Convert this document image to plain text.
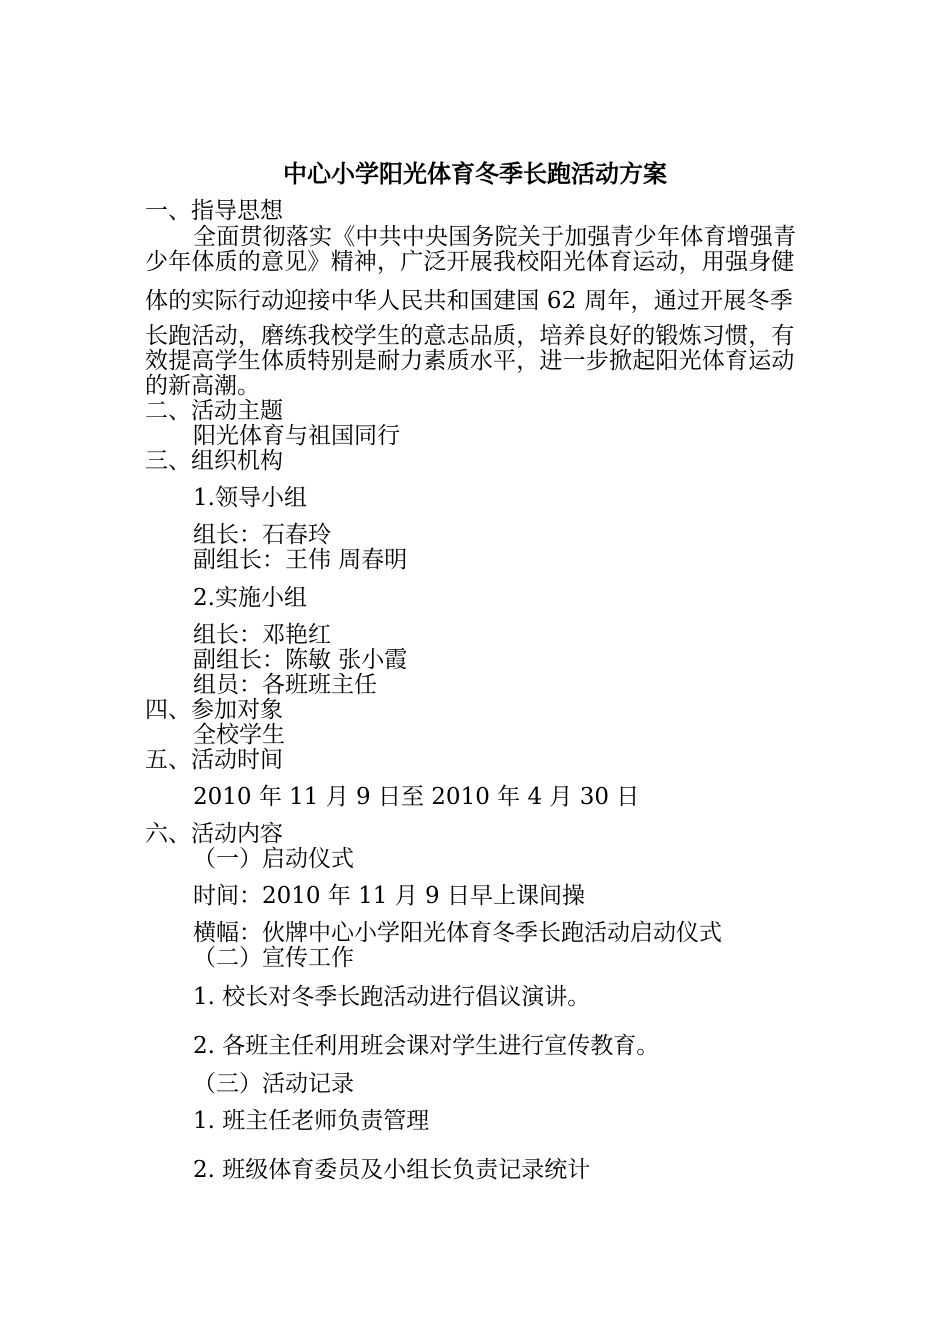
中心小学阳光体育冬季长跑活动方案
一、指导思想
全面贯彻落实《中共中央国务院关于加强青少年体育增强青
少年体质的意见》精神，广泛开展我校阳光体育运动，用强身健
体的实际行动迎接中华人民共和国建国 62 周年，通过开展冬季
长跑活动，磨练我校学生的意志品质，培养良好的锻炼习惯，有
效提高学生体质特别是耐力素质水平，进一步掀起阳光体育运动
的新高潮。
二、活动主题
阳光体育与祖国同行
三、组织机构
1.领导小组
组长：石春玲
副组长：王伟 周春明
2.实施小组
组长：邓艳红
副组长：陈敏 张小霞
组员：各班班主任
四、参加对象
全校学生
五、活动时间
2010 年 11 月 9 日至 2010 年 4 月 30 日
六、活动内容
（一）启动仪式
时间：2010 年 11 月 9 日早上课间操
横幅：伙牌中心小学阳光体育冬季长跑活动启动仪式
（二）宣传工作
1. 校长对冬季长跑活动进行倡议演讲。
2. 各班主任利用班会课对学生进行宣传教育。
（三）活动记录
1. 班主任老师负责管理
2. 班级体育委员及小组长负责记录统计
